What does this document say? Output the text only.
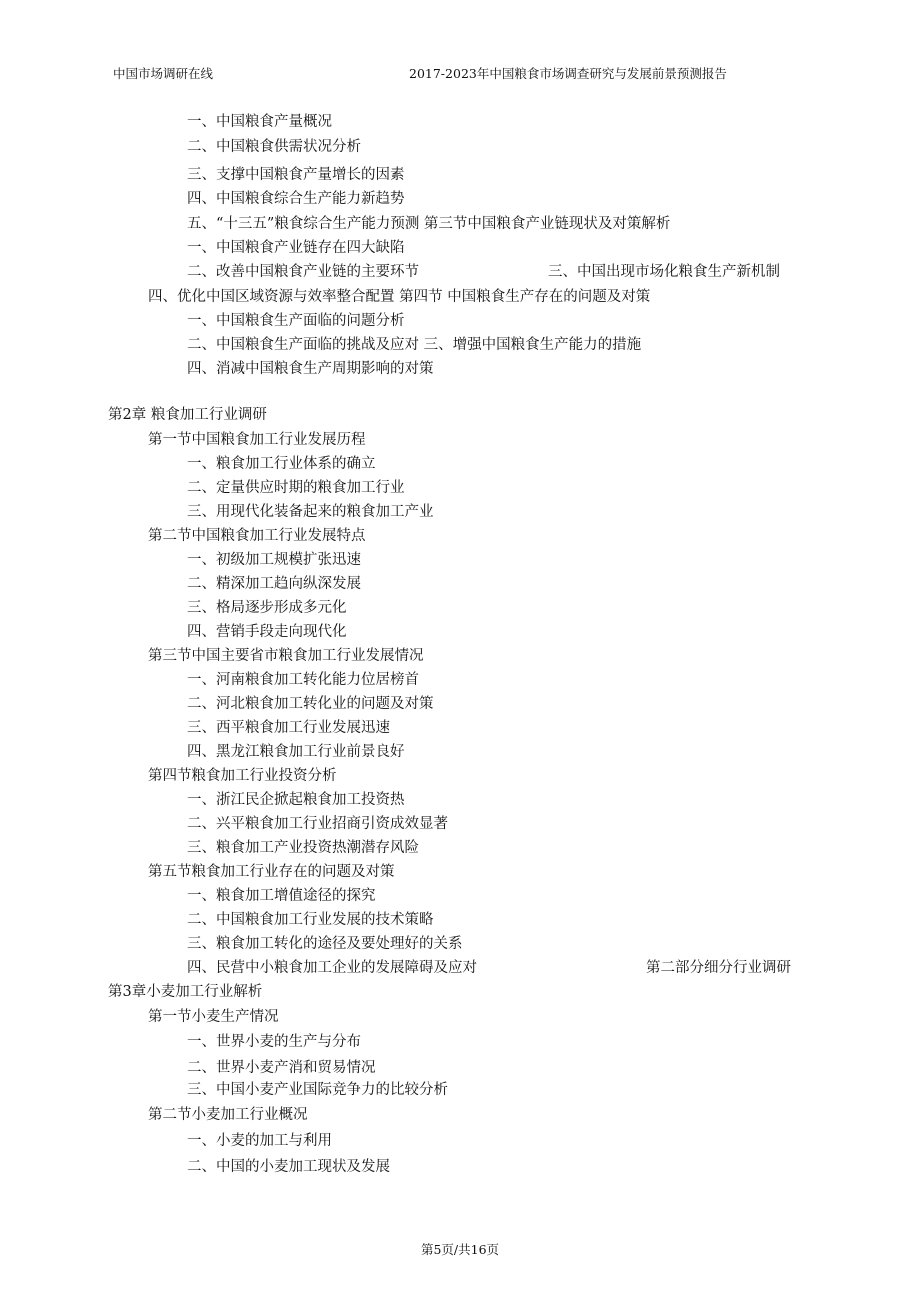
中国市场调研在线	2017-2023年中国粮食市场调查研究与发展前景预测报告
一、中国粮食产量概况
二、中国粮食供需状况分析
三、支撑中国粮食产量增长的因素
四、中国粮食综合生产能力新趋势
五、“十三五”粮食综合生产能力预测 第三节中国粮食产业链现状及对策解析
一、中国粮食产业链存在四大缺陷
二、改善中国粮食产业链的主要环节	三、中国出现市场化粮食生产新机制
四、优化中国区域资源与效率整合配置 第四节 中国粮食生产存在的问题及对策
一、中国粮食生产面临的问题分析
二、中国粮食生产面临的挑战及应对 三、增强中国粮食生产能力的措施
四、消减中国粮食生产周期影响的对策
第2章 粮食加工行业调研
第一节中国粮食加工行业发展历程
一、粮食加工行业体系的确立
二、定量供应时期的粮食加工行业
三、用现代化装备起来的粮食加工产业
第二节中国粮食加工行业发展特点
一、初级加工规模扩张迅速
二、精深加工趋向纵深发展
三、格局逐步形成多元化
四、营销手段走向现代化
第三节中国主要省市粮食加工行业发展情况
一、河南粮食加工转化能力位居榜首
二、河北粮食加工转化业的问题及对策
三、西平粮食加工行业发展迅速
四、黑龙江粮食加工行业前景良好
第四节粮食加工行业投资分析
一、浙江民企掀起粮食加工投资热
二、兴平粮食加工行业招商引资成效显著
三、粮食加工产业投资热潮潜存风险
第五节粮食加工行业存在的问题及对策
一、粮食加工增值途径的探究
二、中国粮食加工行业发展的技术策略
三、粮食加工转化的途径及要处理好的关系
四、民营中小粮食加工企业的发展障碍及应对	第二部分细分行业调研
第3章小麦加工行业解析
第一节小麦生产情况
一、世界小麦的生产与分布
二、世界小麦产消和贸易情况
三、中国小麦产业国际竞争力的比较分析
第二节小麦加工行业概况
一、小麦的加工与利用
二、中国的小麦加工现状及发展
第5页/共16页
